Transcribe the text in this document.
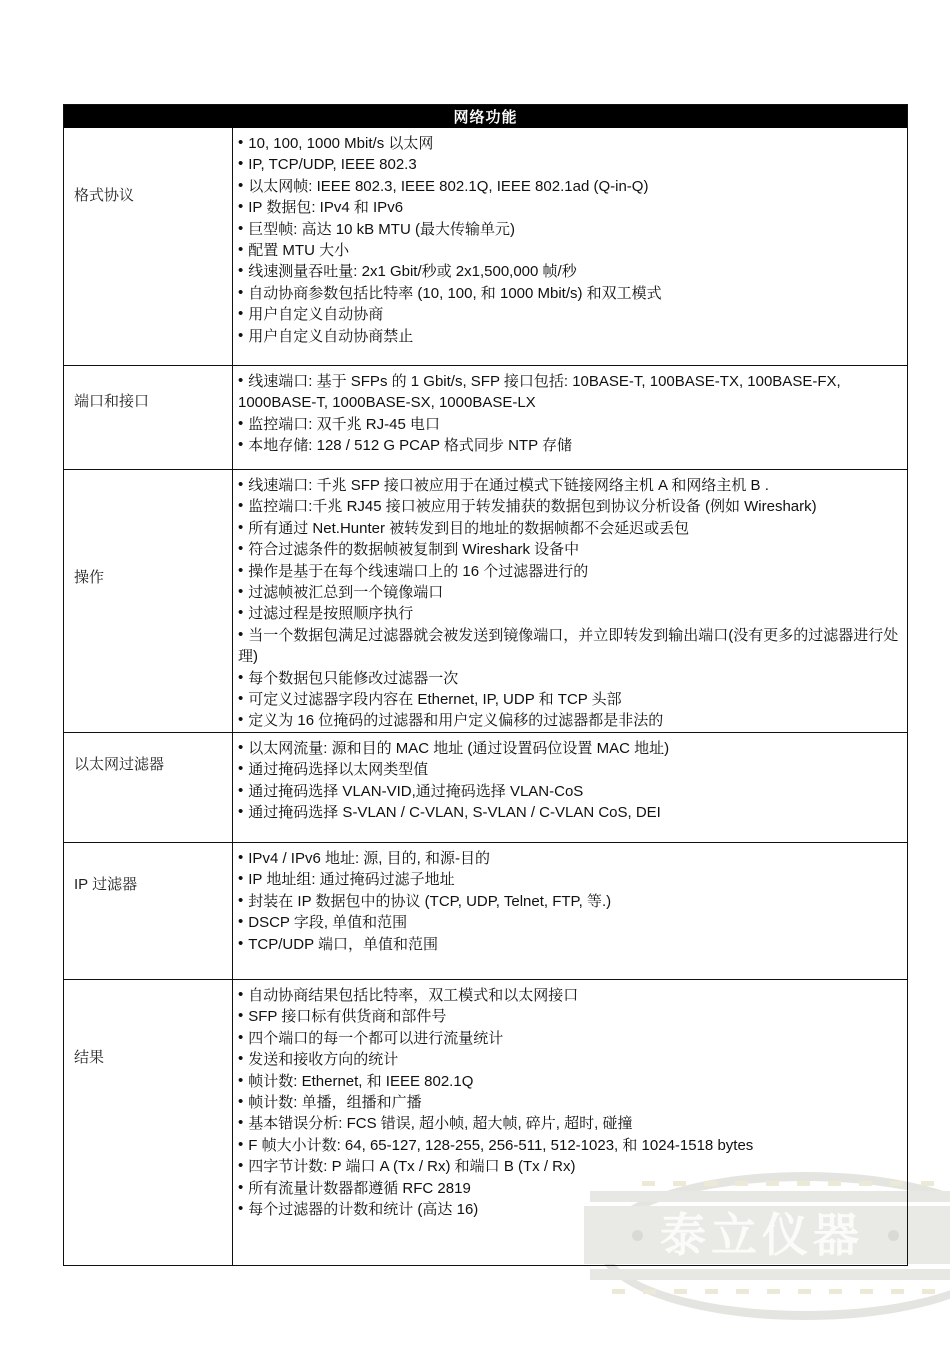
泰立仪器
网络功能
格式协议
• 10, 100, 1000 Mbit/s 以太网
• IP, TCP/UDP, IEEE 802.3
• 以太网帧: IEEE 802.3, IEEE 802.1Q, IEEE 802.1ad (Q-in-Q)
• IP 数据包: IPv4 和 IPv6
• 巨型帧: 高达 10 kB MTU (最大传输单元)
• 配置 MTU 大小
• 线速测量吞吐量: 2x1 Gbit/秒或 2x1,500,000 帧/秒
• 自动协商参数包括比特率 (10, 100, 和 1000 Mbit/s) 和双工模式
• 用户自定义自动协商
• 用户自定义自动协商禁止
端口和接口
• 线速端口: 基于 SFPs 的 1 Gbit/s, SFP 接口包括: 10BASE-T, 100BASE-TX, 100BASE-FX, 1000BASE-T, 1000BASE-SX, 1000BASE-LX
• 监控端口: 双千兆 RJ-45 电口
• 本地存储: 128 / 512 G PCAP 格式同步 NTP 存储
操作
• 线速端口: 千兆 SFP 接口被应用于在通过模式下链接网络主机 A 和网络主机 B .
• 监控端口:千兆 RJ45 接口被应用于转发捕获的数据包到协议分析设备 (例如 Wireshark)
• 所有通过 Net.Hunter 被转发到目的地址的数据帧都不会延迟或丢包
• 符合过滤条件的数据帧被复制到 Wireshark 设备中
• 操作是基于在每个线速端口上的 16 个过滤器进行的
• 过滤帧被汇总到一个镜像端口
• 过滤过程是按照顺序执行
• 当一个数据包满足过滤器就会被发送到镜像端口，并立即转发到输出端口(没有更多的过滤器进行处理)
• 每个数据包只能修改过滤器一次
• 可定义过滤器字段内容在 Ethernet, IP, UDP 和 TCP 头部
• 定义为 16 位掩码的过滤器和用户定义偏移的过滤器都是非法的
以太网过滤器
• 以太网流量: 源和目的 MAC 地址 (通过设置码位设置 MAC 地址)
• 通过掩码选择以太网类型值
• 通过掩码选择 VLAN-VID,通过掩码选择 VLAN-CoS
• 通过掩码选择 S-VLAN / C-VLAN, S-VLAN / C-VLAN CoS, DEI
IP 过滤器
• IPv4 / IPv6 地址: 源, 目的, 和源-目的
• IP 地址组: 通过掩码过滤子地址
• 封装在 IP 数据包中的协议 (TCP, UDP, Telnet, FTP, 等.)
• DSCP 字段, 单值和范围
• TCP/UDP 端口，单值和范围
结果
• 自动协商结果包括比特率，双工模式和以太网接口
• SFP 接口标有供货商和部件号
• 四个端口的每一个都可以进行流量统计
• 发送和接收方向的统计
• 帧计数: Ethernet, 和 IEEE 802.1Q
• 帧计数: 单播，组播和广播
• 基本错误分析: FCS 错误, 超小帧, 超大帧, 碎片, 超时, 碰撞
• F 帧大小计数: 64, 65-127, 128-255, 256-511, 512-1023, 和 1024-1518 bytes
• 四字节计数: P 端口 A (Tx / Rx) 和端口 B (Tx / Rx)
• 所有流量计数器都遵循 RFC 2819
• 每个过滤器的计数和统计 (高达 16)
